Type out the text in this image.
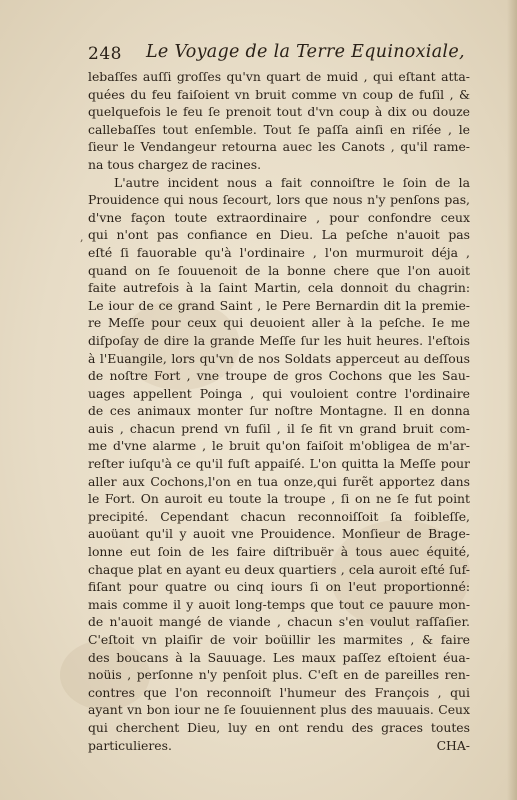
248 Le Voyage de la Terre Equinoxiale,
,
lebaſſes auſſi groſſes qu'vn quart de muid , qui eſtant atta-
quées du feu faiſoient vn bruit comme vn coup de fuſil , &
quelquefois le feu ſe prenoit tout d'vn coup à dix ou douze
callebaſſes tout enſemble. Tout ſe paſſa ainſi en riſée , le
ſieur le Vendangeur retourna auec les Canots , qu'il rame-
na tous chargez de racines.
L'autre incident nous a fait connoiſtre le ſoin de la
Prouidence qui nous ſecourt, lors que nous n'y penſons pas,
d'vne façon toute extraordinaire , pour confondre ceux
qui n'ont pas confiance en Dieu. La peſche n'auoit pas
eſté ſi fauorable qu'à l'ordinaire , l'on murmuroit déja ,
quand on ſe ſouuenoit de la bonne chere que l'on auoit
faite autrefois à la ſaint Martin, cela donnoit du chagrin:
Le iour de ce grand Saint , le Pere Bernardin dit la premie-
re Meſſe pour ceux qui deuoient aller à la peſche. Ie me
diſpoſay de dire la grande Meſſe ſur les huit heures. l'eſtois
à l'Euangile, lors qu'vn de nos Soldats apperceut au deſſous
de noſtre Fort , vne troupe de gros Cochons que les Sau-
uages appellent Poinga , qui vouloient contre l'ordinaire
de ces animaux monter ſur noſtre Montagne. Il en donna
auis , chacun prend vn fuſil , il ſe fit vn grand bruit com-
me d'vne alarme , le bruit qu'on faiſoit m'obligea de m'ar-
reſter iuſqu'à ce qu'il fuſt appaiſé. L'on quitta la Meſſe pour
aller aux Cochons,l'on en tua onze,qui furẽt apportez dans
le Fort. On auroit eu toute la troupe , ſi on ne ſe fut point
precipité. Cependant chacun reconnoiſſoit ſa foibleſſe,
auoüant qu'il y auoit vne Prouidence. Monſieur de Brage-
lonne eut ſoin de les faire diſtribuër à tous auec équité,
chaque plat en ayant eu deux quartiers , cela auroit eſté ſuf-
fiſant pour quatre ou cinq iours ſi on l'eut proportionné:
mais comme il y auoit long-temps que tout ce pauure mon-
de n'auoit mangé de viande , chacun s'en voulut raſſaſier.
C'eſtoit vn plaiſir de voir boüillir les marmites , & faire
des boucans à la Sauuage. Les maux paſſez eſtoient éua-
noüis , perſonne n'y penſoit plus. C'eſt en de pareilles ren-
contres que l'on reconnoiſt l'humeur des François , qui
ayant vn bon iour ne ſe ſouuiennent plus des mauuais. Ceux
qui cherchent Dieu, luy en ont rendu des graces toutes
particulieres.	CHA-
